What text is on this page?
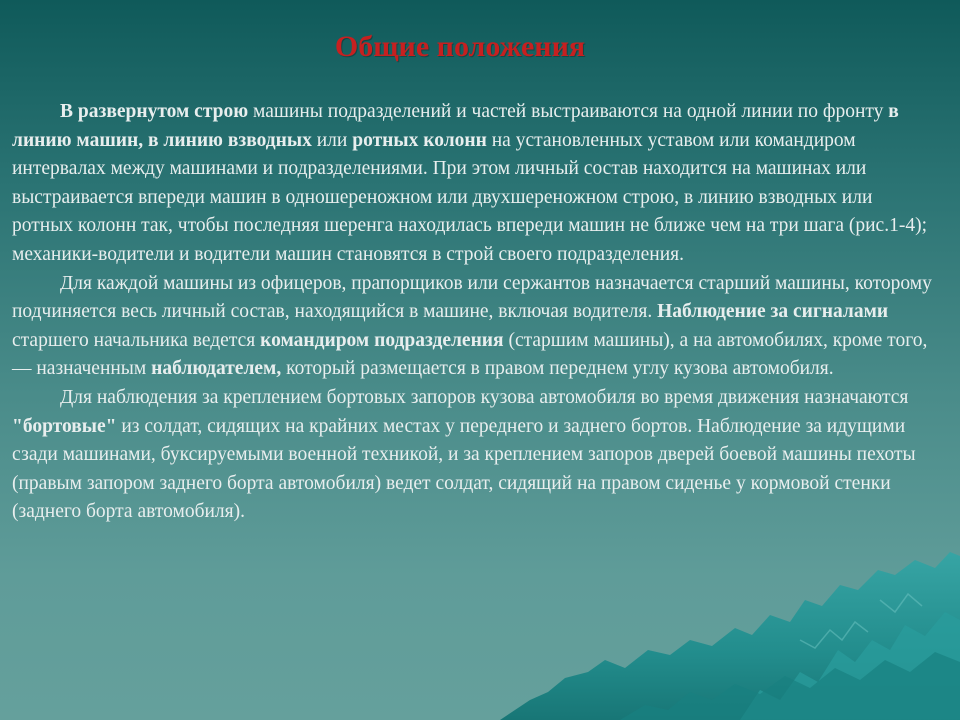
Общие положения

В развернутом строю машины подразделений и частей выстраиваются на одной линии по фронту в линию машин, в линию взводных или ротных колонн на установленных уставом или командиром интервалах между машинами и подразделениями. При этом личный состав находится на машинах или выстраивается впереди машин в одношереножном или двухшереножном строю, в линию взводных или ротных колонн так, чтобы последняя шеренга находилась впереди машин не ближе чем на три шага (рис.1-4); механики-водители и водители машин становятся в строй своего подразделения.

Для каждой машины из офицеров, прапорщиков или сержантов назначается старший машины, которому подчиняется весь личный состав, находящийся в машине, включая водителя. Наблюдение за сигналами старшего начальника ведется командиром подразделения (старшим машины), а на автомобилях, кроме того, — назначенным наблюдателем, который размещается в правом переднем углу кузова автомобиля.

Для наблюдения за креплением бортовых запоров кузова автомобиля во время движения назначаются "бортовые" из солдат, сидящих на крайних местах у переднего и заднего бортов. Наблюдение за идущими сзади машинами, буксируемыми военной техникой, и за креплением запоров дверей боевой машины пехоты (правым запором заднего борта автомобиля) ведет солдат, сидящий на правом сиденье у кормовой стенки (заднего борта автомобиля).
